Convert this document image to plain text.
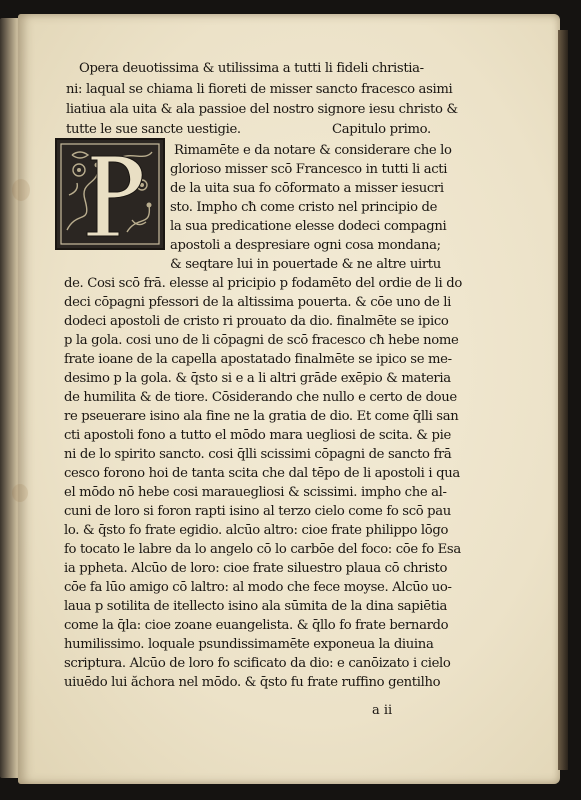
Opera deuotissima & utilissima a tutti li fideli christia-
ni: laqual se chiama li fioreti de misser sancto fracesco asimi
liatiua ala uita & ala passioe del nostro signore iesu christo &
tutte le sue sancte uestigie.	Capitulo primo.
Rimamēte e da notare & considerare che lo
glorioso misser scō Francesco in tutti li acti
de la uita sua fo cōformato a misser iesucri
sto. Impho cħ come cristo nel principio de
la sua predicatione elesse dodeci compagni
apostoli a despresiare ogni cosa mondana;
& seqtare lui in pouertade & ne altre uirtu
de. Cosi scō frā. elesse al pricipio p fodamēto del ordie de li do
deci cōpagni pfessori de la altissima pouerta. & cōe uno de li
dodeci apostoli de cristo ri prouato da dio. finalmēte se ipico
p la gola. cosi uno de li cōpagni de scō fracesco cħ hebe nome
frate ioane de la capella apostatado finalmēte se ipico se me-
desimo p la gola. & q̄sto si e a li altri grāde exēpio & materia
de humilita & de tiore. Cōsiderando che nullo e certo de doue
re pseuerare isino ala fine ne la gratia de dio. Et come q̄lli san
cti apostoli fono a tutto el mōdo mara uegliosi de scita. & pie
ni de lo spirito sancto. cosi q̄lli scissimi cōpagni de sancto frā
cesco forono hoi de tanta scita che dal tēpo de li apostoli i qua
el mōdo nō hebe cosi marauegliosi & scissimi. impho che al-
cuni de loro si foron rapti isino al terzo cielo come fo scō pau
lo. & q̄sto fo frate egidio. alcūo altro: cioe frate philippo lōgo
fo tocato le labre da lo angelo cō lo carbōe del foco: cōe fo Esa
ia ppheta. Alcūo de loro: cioe frate siluestro plaua cō christo
cōe fa lūo amigo cō laltro: al modo che fece moyse. Alcūo uo-
laua p sotilita de itellecto isino ala sūmita de la dina sapiētia
come la q̄la: cioe zoane euangelista. & q̄llo fo frate bernardo
humilissimo. loquale psundissimamēte exponeua la diuina
scriptura. Alcūo de loro fo scificato da dio: e canōizato i cielo
uiuēdo lui ăchora nel mōdo. & q̄sto fu frate ruffino gentilho
a ii
